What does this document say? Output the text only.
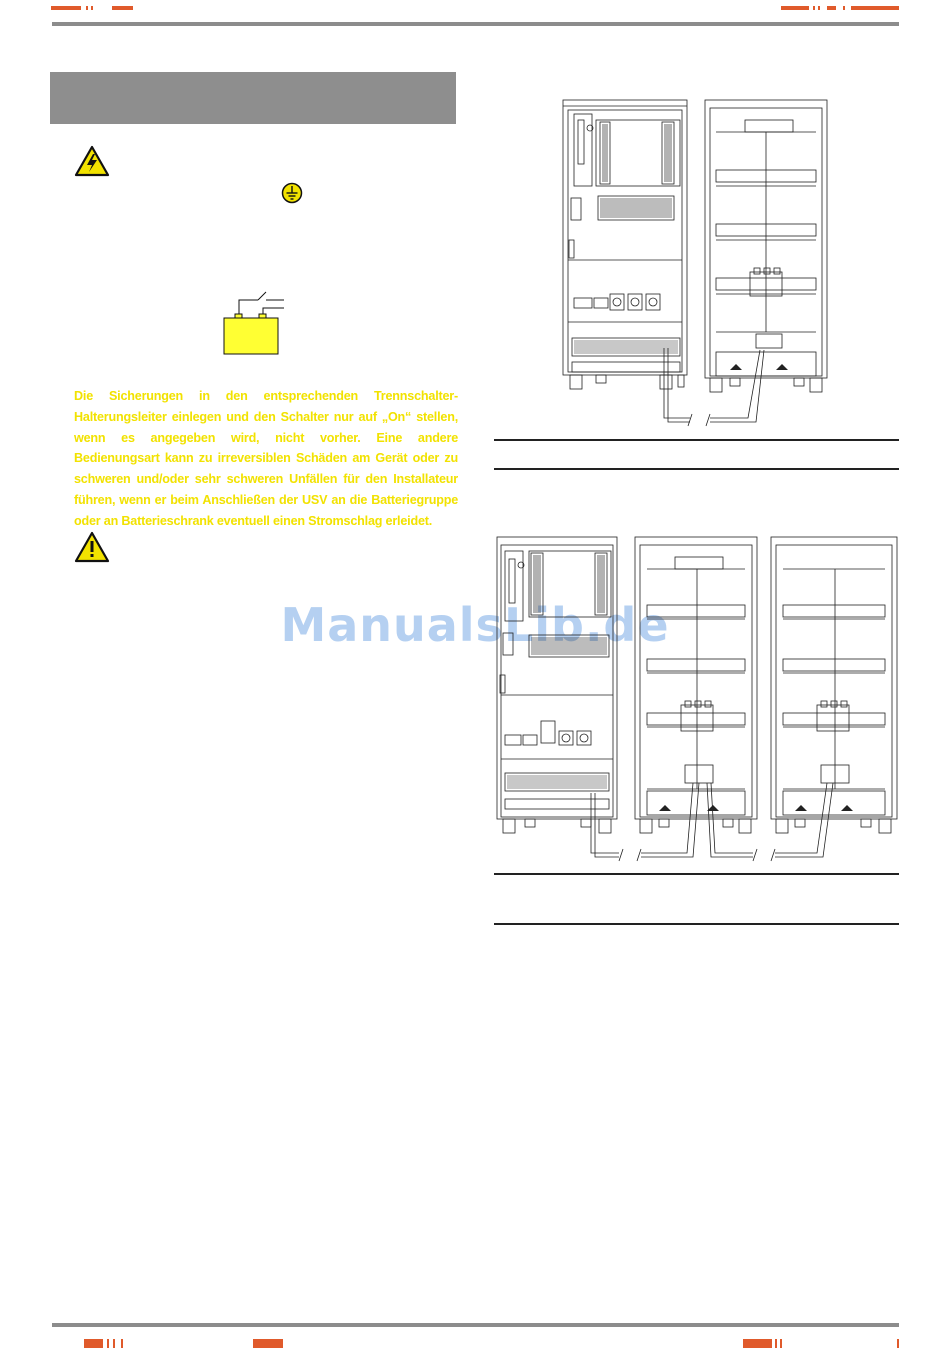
Die Sicherungen in den entsprechenden Trennschalter-Halterungsleiter einlegen und den Schalter nur auf „On“ stellen, wenn es angegeben wird, nicht vorher. Eine andere Bedienungsart kann zu irreversiblen Schäden am Gerät oder zu schweren und/oder sehr schweren Unfällen für den Installateur führen, wenn er beim Anschließen der USV an die Batteriegruppe oder an Batterieschrank eventuell einen Stromschlag erleidet.
ManualsLib.de
